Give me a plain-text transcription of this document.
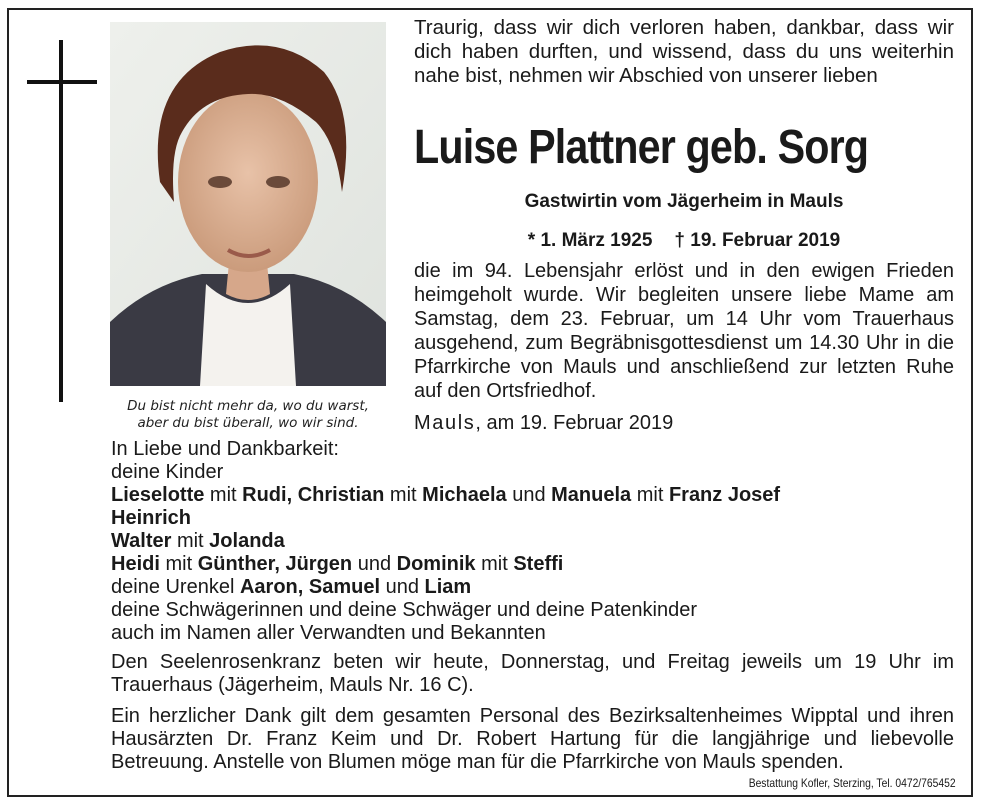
Du bist nicht mehr da, wo du warst,
aber du bist überall, wo wir sind.
Traurig, dass wir dich verloren haben, dankbar, dass wir dich haben durften, und wissend, dass du uns weiterhin nahe bist, nehmen wir Abschied von unserer lieben
Luise Plattner geb. Sorg
Gastwirtin vom Jägerheim in Mauls
* 1. März 1925 † 19. Februar 2019
die im 94. Lebensjahr erlöst und in den ewigen Frieden heimgeholt wurde. Wir begleiten unsere liebe Mame am Samstag, dem 23. Februar, um 14 Uhr vom Trauerhaus ausgehend, zum Begräbnisgottesdienst um 14.30 Uhr in die Pfarrkirche von Mauls und anschließend zur letzten Ruhe auf den Ortsfriedhof.
Mauls, am 19. Februar 2019

In Liebe und Dankbarkeit:

deine Kinder

Lieselotte mit Rudi, Christian mit Michaela und Manuela mit Franz Josef

Heinrich

Walter mit Jolanda

Heidi mit Günther, Jürgen und Dominik mit Steffi

deine Urenkel Aaron, Samuel und Liam

deine Schwägerinnen und deine Schwäger und deine Patenkinder

auch im Namen aller Verwandten und Bekannten

Den Seelenrosenkranz beten wir heute, Donnerstag, und Freitag jeweils um 19 Uhr im Trauerhaus (Jägerheim, Mauls Nr. 16 C).

Ein herzlicher Dank gilt dem gesamten Personal des Bezirksaltenheimes Wipptal und ihren Hausärzten Dr. Franz Keim und Dr. Robert Hartung für die langjährige und liebevolle Betreuung. Anstelle von Blumen möge man für die Pfarrkirche von Mauls spenden.

Bestattung Kofler, Sterzing, Tel. 0472/765452
